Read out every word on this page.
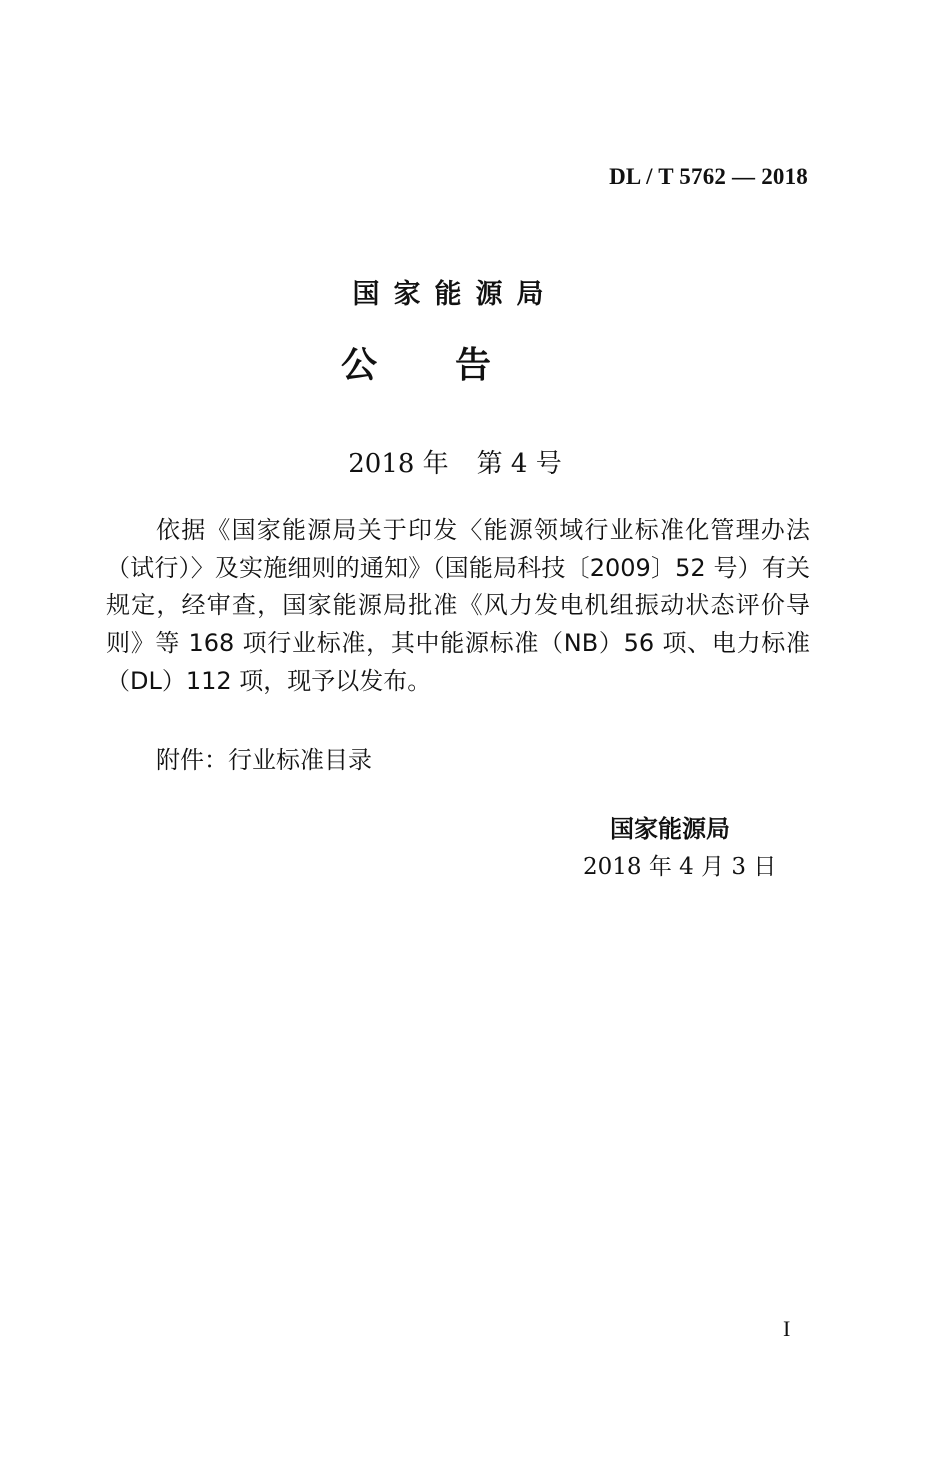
DL / T 5762 — 2018
国家能源局
公告
2018 年 第 4 号
依据《国家能源局关于印发〈能源领域行业标准化管理办法（试行）〉及实施细则的通知》（国能局科技〔2009〕52 号）有关规定，经审查，国家能源局批准《风力发电机组振动状态评价导则》等 168 项行业标准，其中能源标准（NB）56 项、电力标准（DL）112 项，现予以发布。
附件：行业标准目录
国家能源局
2018 年 4 月 3 日
I
